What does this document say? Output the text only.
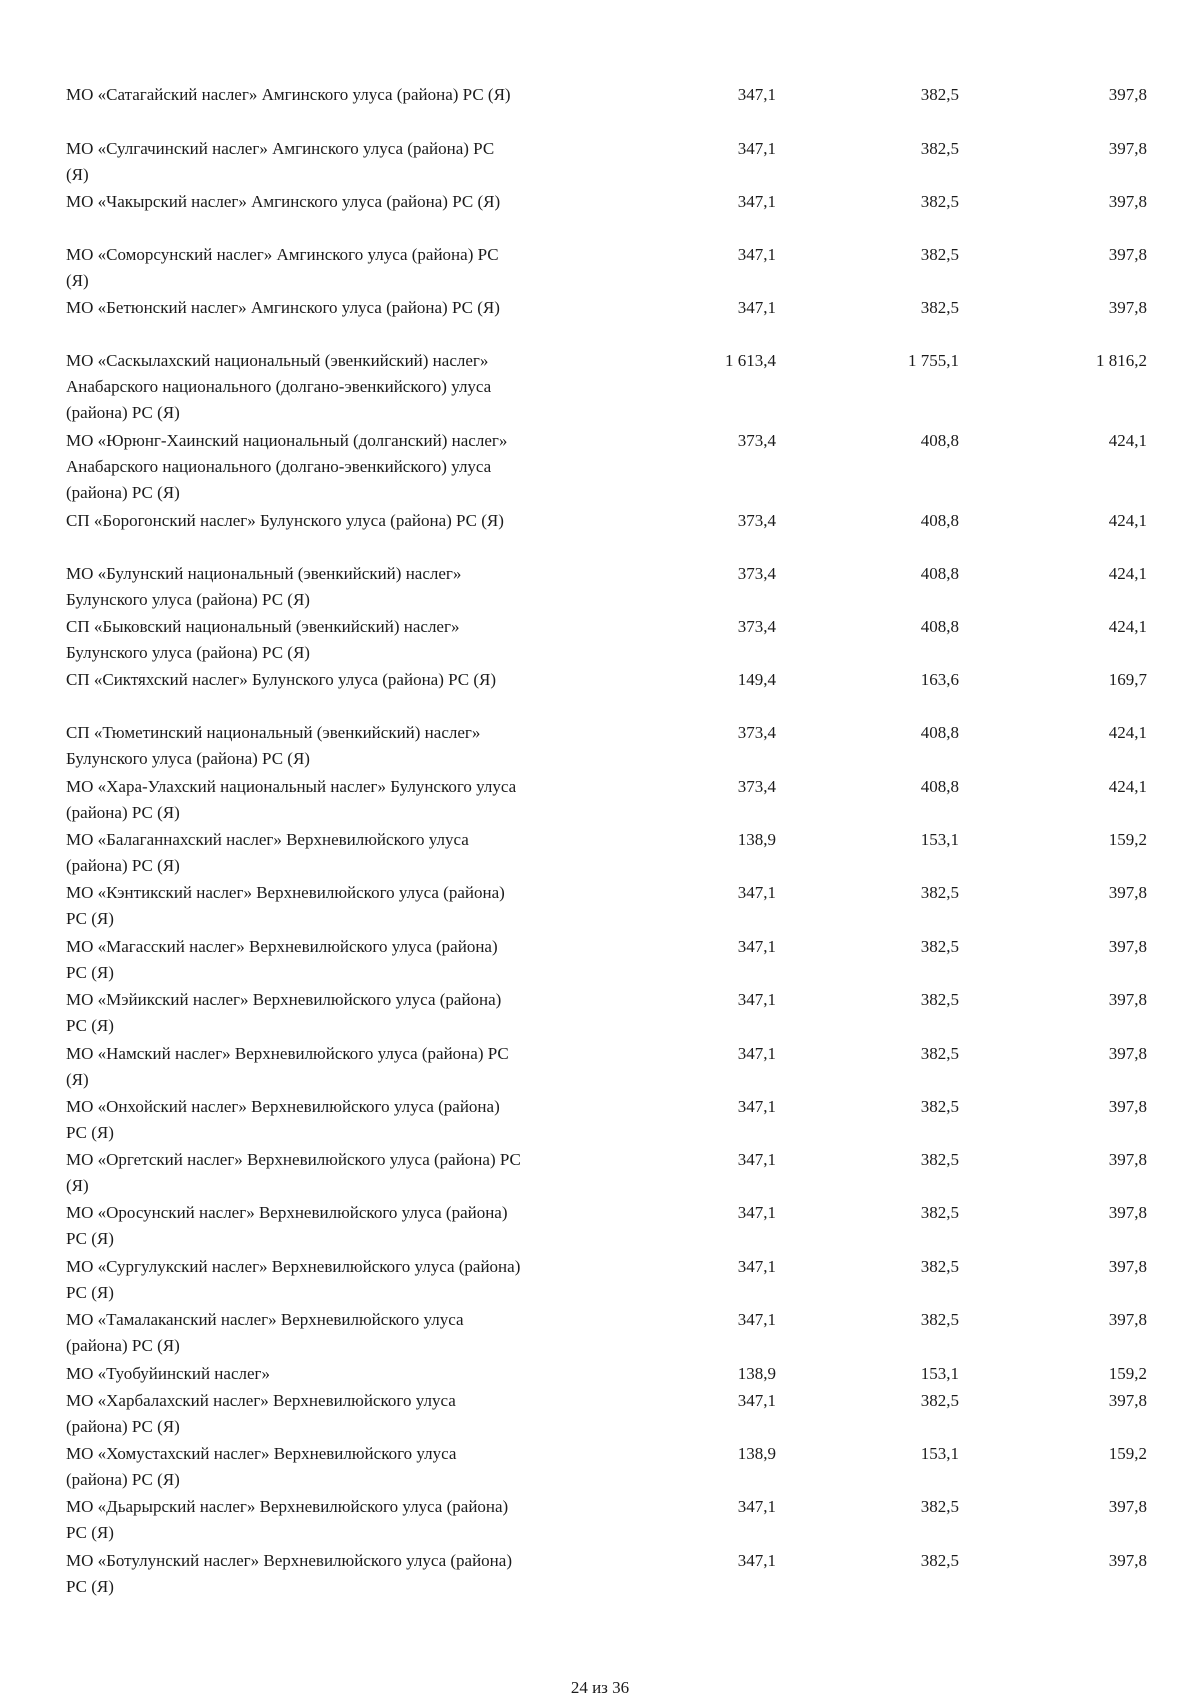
МО «Сатагайский наслег» Амгинского улуса (района) РС (Я)	347,1	382,5	397,8
МО «Сулгачинский наслег» Амгинского улуса (района) РС
(Я)
347,1	382,5	397,8
МО «Чакырский наслег» Амгинского улуса (района) РС (Я)	347,1	382,5	397,8
МО «Соморсунский наслег» Амгинского улуса (района) РС
(Я)
347,1	382,5	397,8
МО «Бетюнский наслег» Амгинского улуса (района) РС (Я)	347,1	382,5	397,8
МО «Саскылахский национальный (эвенкийский) наслег»
Анабарского национального (долгано-эвенкийского) улуса
(района) РС (Я)
1 613,4	1 755,1	1 816,2
МО «Юрюнг-Хаинский национальный (долганский) наслег»
Анабарского национального (долгано-эвенкийского) улуса
(района) РС (Я)
373,4	408,8	424,1
СП «Борогонский наслег» Булунского улуса (района) РС (Я)	373,4	408,8	424,1
МО «Булунский национальный (эвенкийский) наслег»
Булунского улуса (района) РС (Я)
373,4	408,8	424,1
СП «Быковский национальный (эвенкийский) наслег»
Булунского улуса (района) РС (Я)
373,4	408,8	424,1
СП «Сиктяхский наслег» Булунского улуса (района) РС (Я)	149,4	163,6	169,7
СП «Тюметинский национальный (эвенкийский) наслег»
Булунского улуса (района) РС (Я)
373,4	408,8	424,1
МО «Хара-Улахский национальный наслег» Булунского улуса
(района) РС (Я)
373,4	408,8	424,1
МО «Балаганнахский наслег» Верхневилюйского улуса
(района) РС (Я)
138,9	153,1	159,2
МО «Кэнтикский наслег» Верхневилюйского улуса (района)
РС (Я)
347,1	382,5	397,8
МО «Магасский наслег» Верхневилюйского улуса (района)
РС (Я)
347,1	382,5	397,8
МО «Мэйикский наслег» Верхневилюйского улуса (района)
РС (Я)
347,1	382,5	397,8
МО «Намский наслег» Верхневилюйского улуса (района) РС
(Я)
347,1	382,5	397,8
МО «Онхойский наслег» Верхневилюйского улуса (района)
РС (Я)
347,1	382,5	397,8
МО «Оргетский наслег» Верхневилюйского улуса (района) РС
(Я)
347,1	382,5	397,8
МО «Оросунский наслег» Верхневилюйского улуса (района)
РС (Я)
347,1	382,5	397,8
МО «Сургулукский наслег» Верхневилюйского улуса (района)
РС (Я)
347,1	382,5	397,8
МО «Тамалаканский наслег» Верхневилюйского улуса
(района) РС (Я)
347,1	382,5	397,8
МО «Туобуйинский наслег»	138,9	153,1	159,2
МО «Харбалахский наслег» Верхневилюйского улуса
(района) РС (Я)
347,1	382,5	397,8
МО «Хомустахский наслег» Верхневилюйского улуса
(района) РС (Я)
138,9	153,1	159,2
МО «Дьарырский наслег» Верхневилюйского улуса (района)
РС (Я)
347,1	382,5	397,8
МО «Ботулунский наслег» Верхневилюйского улуса (района)
РС (Я)
347,1	382,5	397,8
24 из 36
